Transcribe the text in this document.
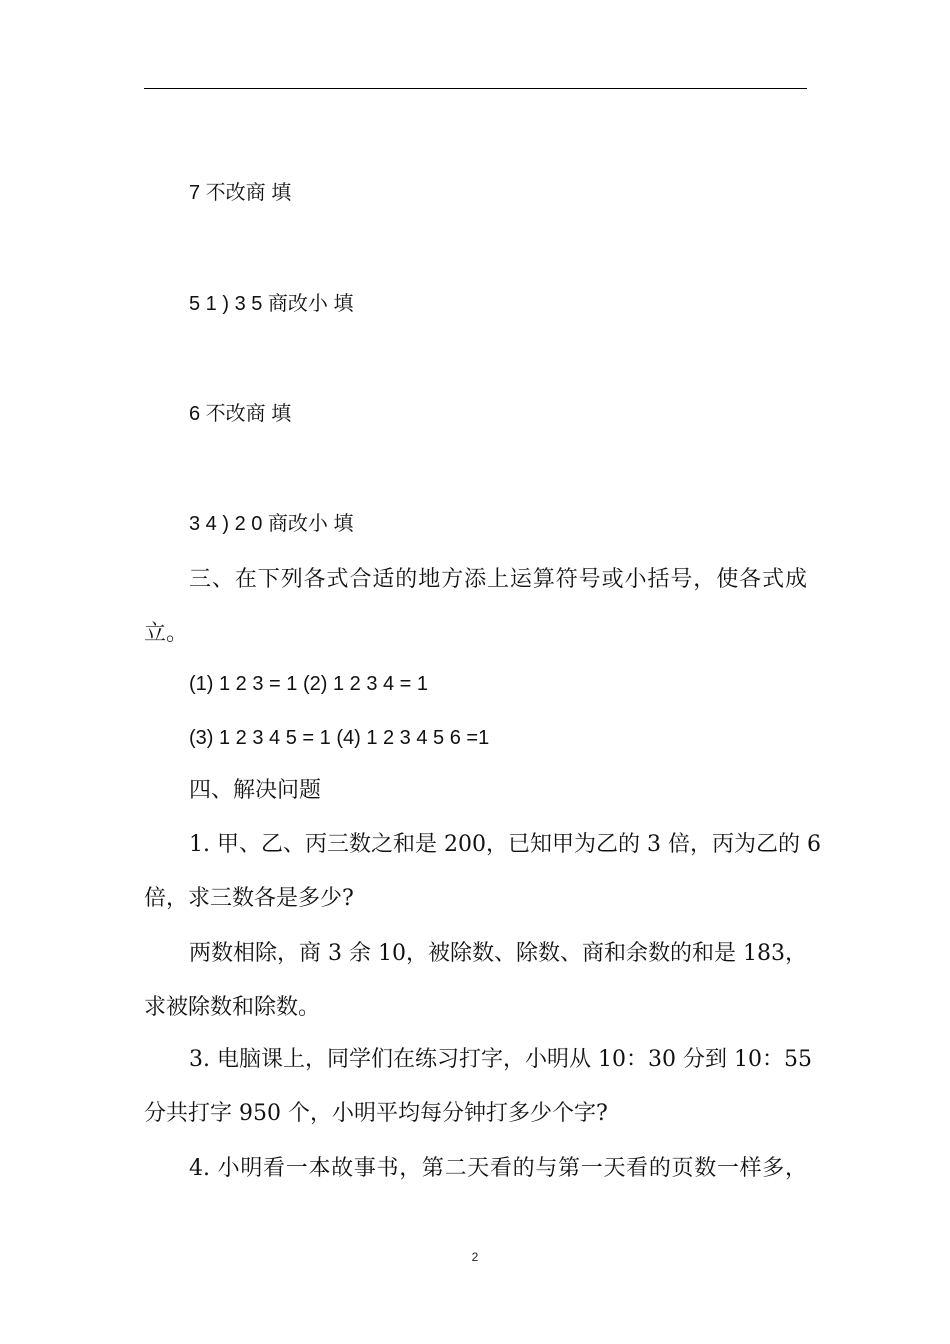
7 不改商 填
5 1 ) 3 5 商改小 填
6 不改商 填
3 4 ) 2 0 商改小 填
三、在下列各式合适的地方添上运算符号或小括号，使各式成
立。
(1) 1 2 3 = 1 (2) 1 2 3 4 = 1
(3) 1 2 3 4 5 = 1 (4) 1 2 3 4 5 6 =1
四、解决问题
1. 甲、乙、丙三数之和是 200，已知甲为乙的 3 倍，丙为乙的 6
倍，求三数各是多少?
两数相除，商 3 余 10，被除数、除数、商和余数的和是 183，
求被除数和除数。
3. 电脑课上，同学们在练习打字，小明从 10：30 分到 10：55
分共打字 950 个，小明平均每分钟打多少个字?
4. 小明看一本故事书，第二天看的与第一天看的页数一样多，
2
